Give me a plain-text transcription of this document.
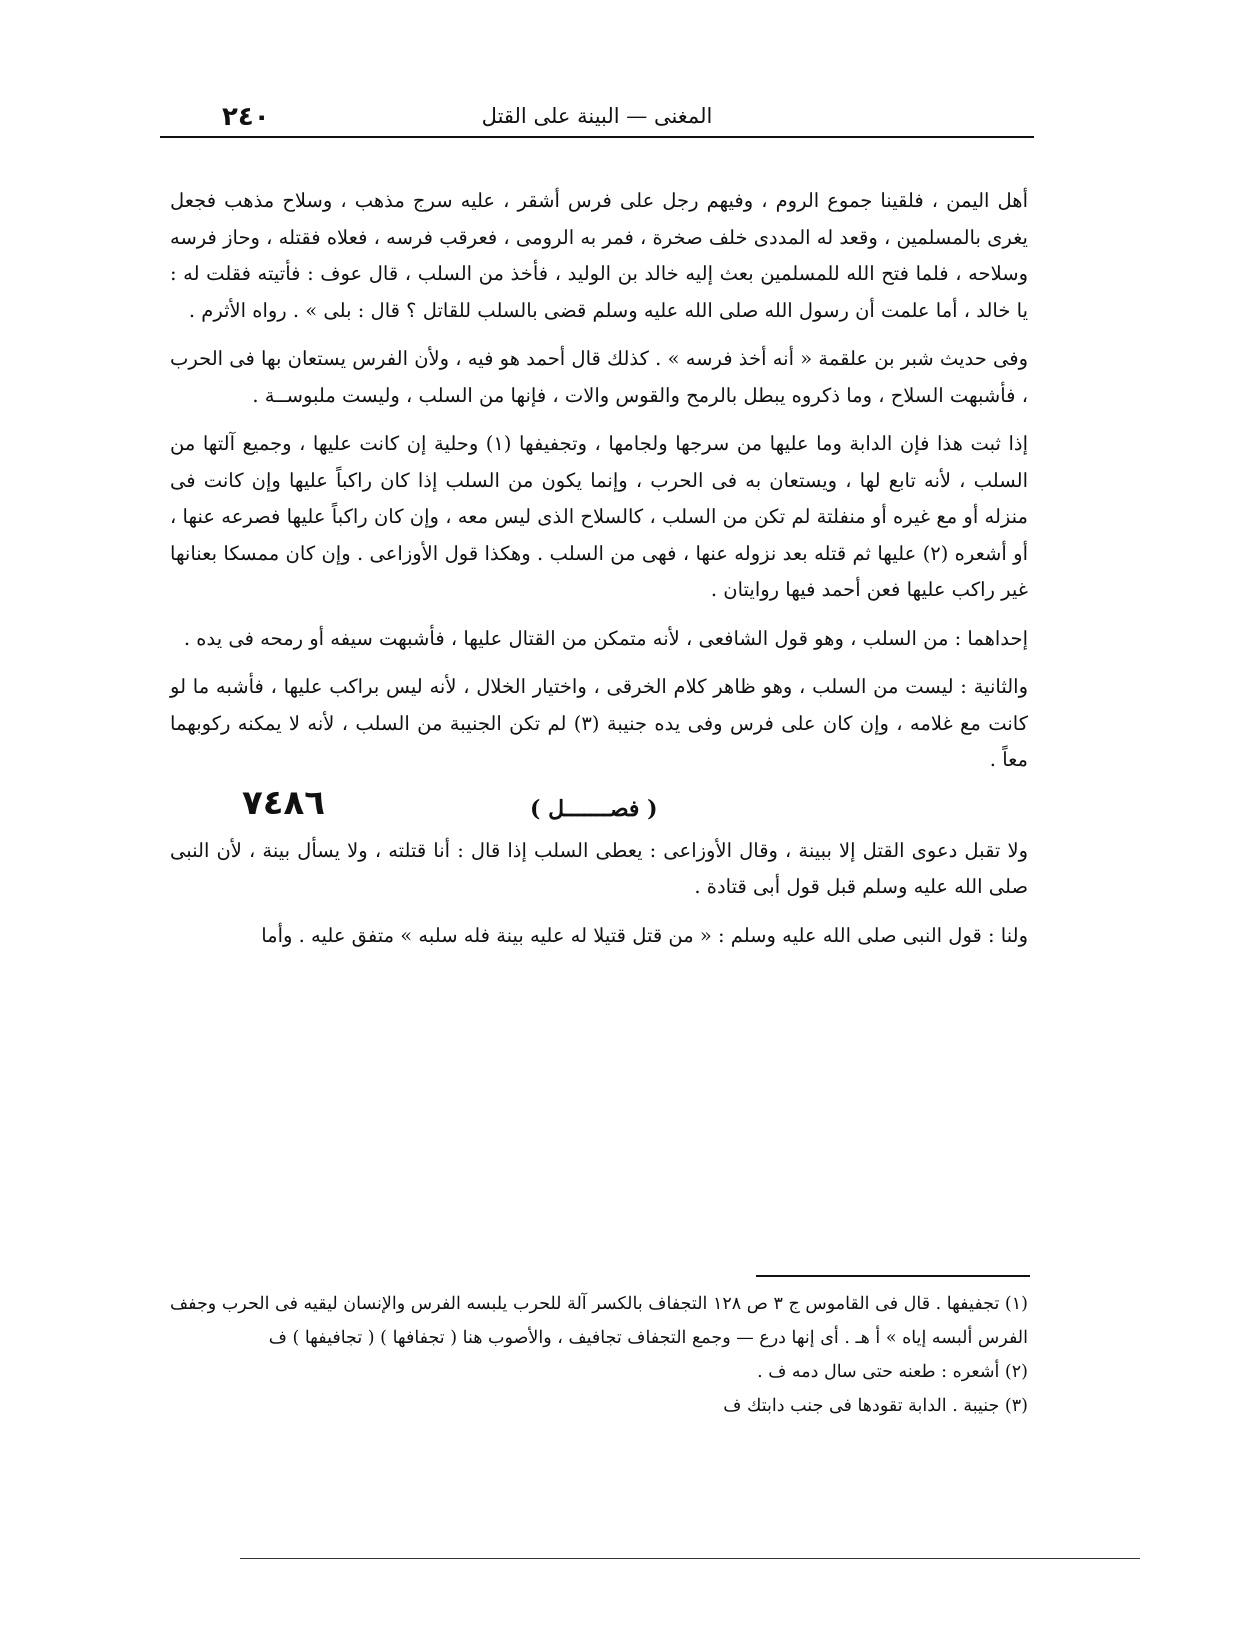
٢٤٠	المغنى — البينة على القتل

أهل اليمن ، فلقينا جموع الروم ، وفيهم رجل على فرس أشقر ، عليه سرج مذهب ، وسلاح مذهب فجعل يغرى بالمسلمين ، وقعد له المددى خلف صخرة ، فمر به الرومى ، فعرقب فرسه ، فعلاه فقتله ، وحاز فرسه وسلاحه ، فلما فتح الله للمسلمين بعث إليه خالد بن الوليد ، فأخذ من السلب ، قال عوف : فأتيته فقلت له : يا خالد ، أما علمت أن رسول الله صلى الله عليه وسلم قضى بالسلب للقاتل ؟ قال : بلى » . رواه الأثرم .

وفى حديث شبر بن علقمة « أنه أخذ فرسه » . كذلك قال أحمد هو فيه ، ولأن الفرس يستعان بها فى الحرب ، فأشبهت السلاح ، وما ذكروه يبطل بالرمح والقوس والات ، فإنها من السلب ، وليست ملبوســة .

إذا ثبت هذا فإن الدابة وما عليها من سرجها ولجامها ، وتجفيفها (١) وحلية إن كانت عليها ، وجميع آلتها من السلب ، لأنه تابع لها ، ويستعان به فى الحرب ، وإنما يكون من السلب إذا كان راكباً عليها وإن كانت فى منزله أو مع غيره أو منفلتة لم تكن من السلب ، كالسلاح الذى ليس معه ، وإن كان راكباً عليها فصرعه عنها ، أو أشعره (٢) عليها ثم قتله بعد نزوله عنها ، فهى من السلب . وهكذا قول الأوزاعى . وإن كان ممسكا بعنانها غير راكب عليها فعن أحمد فيها روايتان .

إحداهما : من السلب ، وهو قول الشافعى ، لأنه متمكن من القتال عليها ، فأشبهت سيفه أو رمحه فى يده .

والثانية : ليست من السلب ، وهو ظاهر كلام الخرقى ، واختيار الخلال ، لأنه ليس براكب عليها ، فأشبه ما لو كانت مع غلامه ، وإن كان على فرس وفى يده جنيبة (٣) لم تكن الجنيبة من السلب ، لأنه لا يمكنه ركوبهما معاً .

٧٤٨٦	( فصـــــــل )

ولا تقبل دعوى القتل إلا ببينة ، وقال الأوزاعى : يعطى السلب إذا قال : أنا قتلته ، ولا يسأل بينة ، لأن النبى صلى الله عليه وسلم قبل قول أبى قتادة .

ولنا : قول النبى صلى الله عليه وسلم : « من قتل قتيلا له عليه بينة فله سلبه » متفق عليه . وأما

(١) تجفيفها . قال فى القاموس ج ٣ ص ١٢٨ التجفاف بالكسر آلة للحرب يلبسه الفرس والإنسان ليقيه فى الحرب وجفف الفرس ألبسه إياه » أ هـ . أى إنها درع — وجمع التجفاف تجافيف ، والأصوب هنا ( تجفافها ) ( تجافيفها ) ف

(٢) أشعره : طعنه حتى سال دمه ف .

(٣) جنيبة . الدابة تقودها فى جنب دابتك ف
